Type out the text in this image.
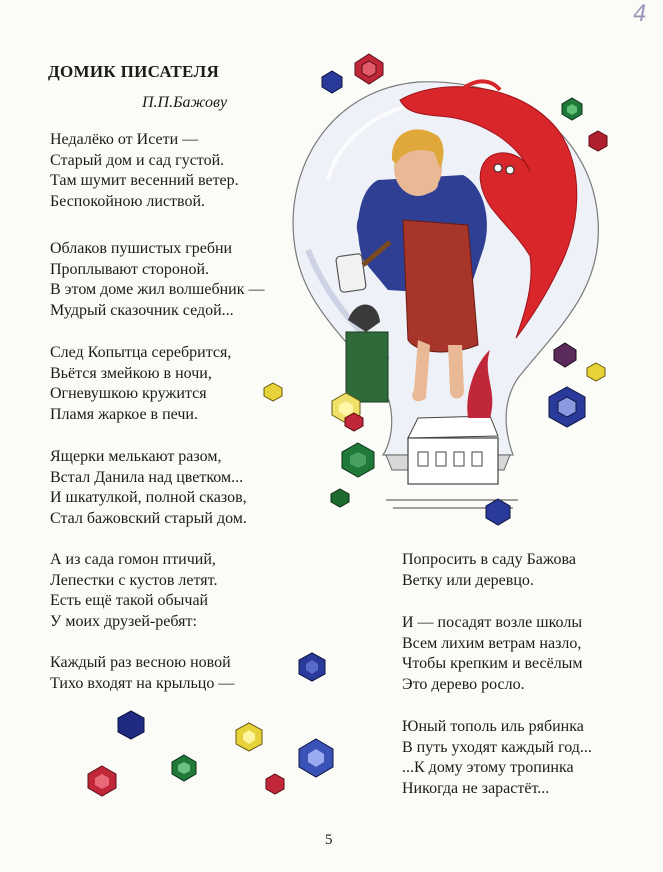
ДОМИК ПИСАТЕЛЯ
П.П.Бажову
Недалёко от Исети —
Старый дом и сад густой.
Там шумит весенний ветер.
Беспокойною листвой.
Облаков пушистых гребни
Проплывают стороной.
В этом доме жил волшебник —
Мудрый сказочник седой...
След Копытца серебрится,
Вьётся змейкою в ночи,
Огневушкою кружится
Пламя жаркое в печи.
Ящерки мелькают разом,
Встал Данила над цветком...
И шкатулкой, полной сказов,
Стал бажовский старый дом.
А из сада гомон птичий,
Лепестки с кустов летят.
Есть ещё такой обычай
У моих друзей-ребят:
Каждый раз весною новой
Тихо входят на крыльцо —
Попросить в саду Бажова
Ветку или деревцо.
И — посадят возле школы
Всем лихим ветрам назло,
Чтобы крепким и весёлым
Это дерево росло.
Юный тополь иль рябинка
В путь уходят каждый год...
...К дому этому тропинка
Никогда не зарастёт...
5
4
